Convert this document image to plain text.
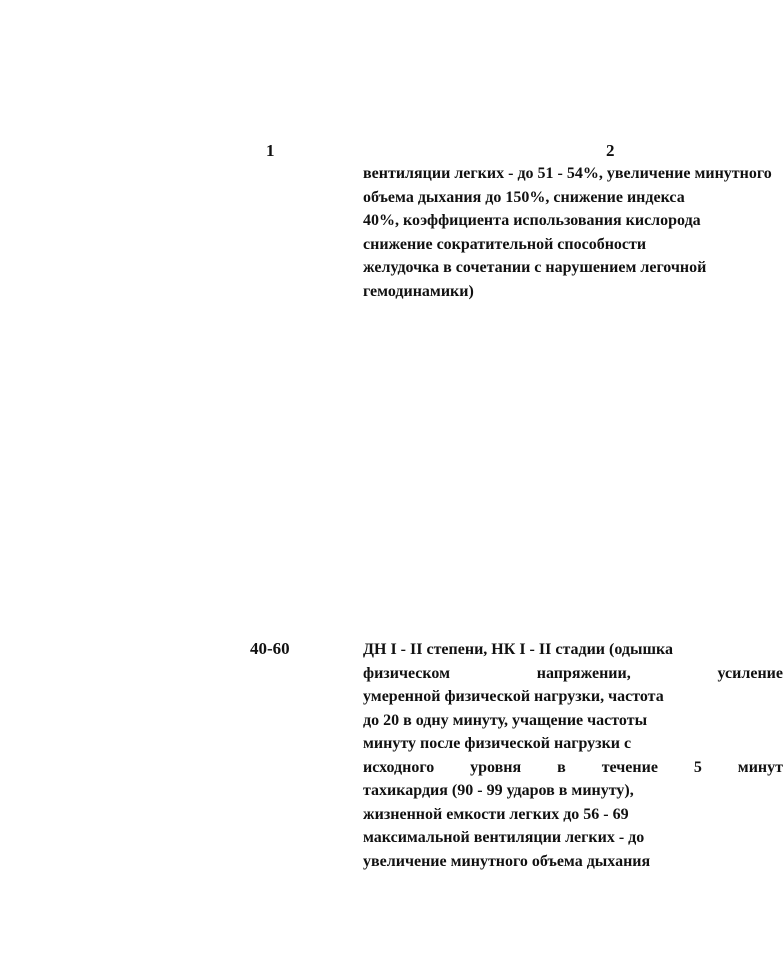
1	2
вентиляции легких - до 51 - 54%, увеличение минутного
объема дыхания до 150%, снижение индекса
40%, коэффициента использования кислорода
снижение сократительной способности
желудочка в сочетании с нарушением легочной
гемодинамики)
40-60	ДН I - II степени, НК I - II стадии (одышка
физическом напряжении, усиление
умеренной физической нагрузки, частота
до 20 в одну минуту, учащение частоты
минуту после физической нагрузки с
исходного уровня в течение 5 минут
тахикардия (90 - 99 ударов в минуту),
жизненной емкости легких до 56 - 69
максимальной вентиляции легких - до
увеличение минутного объема дыхания
